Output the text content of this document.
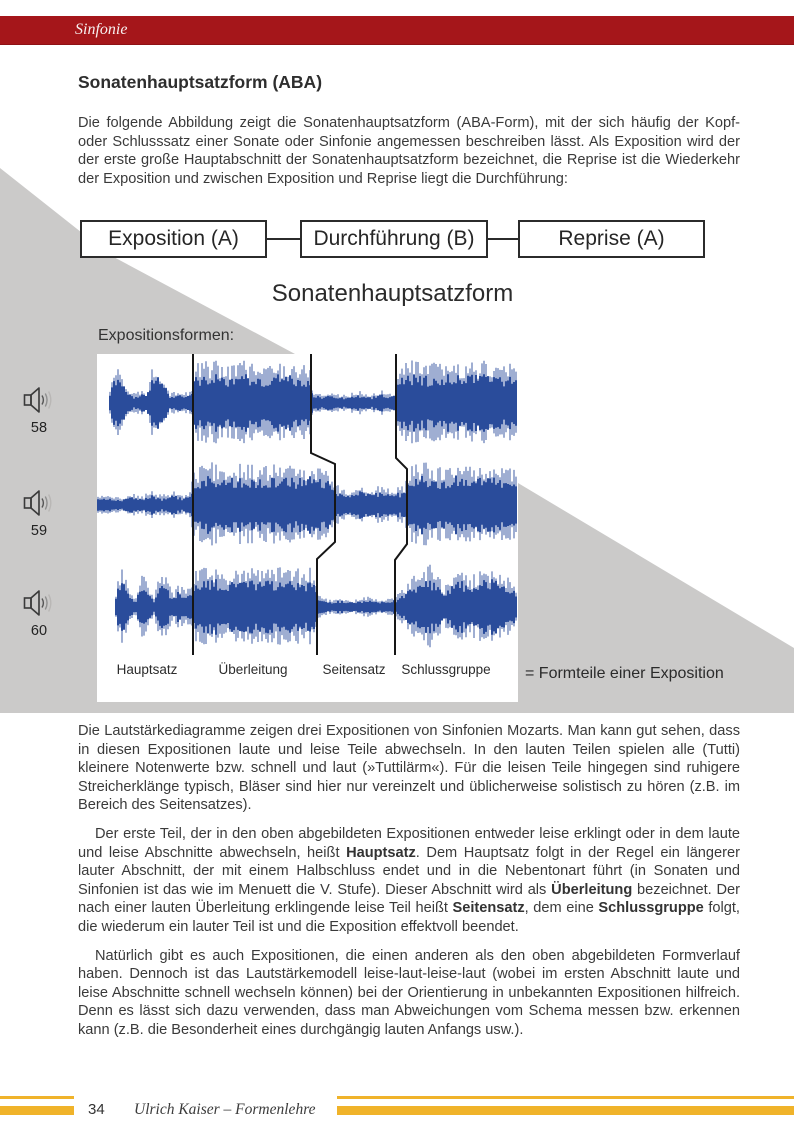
Sinfonie
Sonatenhauptsatzform (ABA)

Die folgende Abbildung zeigt die Sonatenhauptsatzform (ABA-Form), mit der sich häufig der Kopf- oder Schlusssatz einer Sonate oder Sinfonie angemessen beschreiben lässt. Als Exposition wird der der erste große Hauptabschnitt der Sonatenhauptsatzform bezeichnet, die Reprise ist die Wiederkehr der Exposition und zwischen Exposition und Reprise liegt die Durchführung:

Exposition (A)	Durchführung (B)	Reprise (A)
Sonatenhauptsatzform
Expositionsformen:
Hauptsatz	Überleitung	Seitensatz Schlussgruppe
58
59
60
= Formteile einer Exposition

Die Lautstärkediagramme zeigen drei Expositionen von Sinfonien Mozarts. Man kann gut sehen, dass in diesen Expositionen laute und leise Teile abwechseln. In den lauten Teilen spielen alle (Tutti) kleinere Notenwerte bzw. schnell und laut (»Tuttilärm«). Für die leisen Teile hingegen sind ruhigere Streicherklänge typisch, Bläser sind hier nur vereinzelt und üblicherweise solistisch zu hören (z.B. im Bereich des Seitensatzes).

Der erste Teil, der in den oben abgebildeten Expositionen entweder leise erklingt oder in dem laute und leise Abschnitte abwechseln, heißt Hauptsatz. Dem Hauptsatz folgt in der Regel ein längerer lauter Abschnitt, der mit einem Halbschluss endet und in die Nebentonart führt (in Sonaten und Sinfonien ist das wie im Menuett die V. Stufe). Dieser Abschnitt wird als Überleitung bezeichnet. Der nach einer lauten Überleitung erklingende leise Teil heißt Seitensatz, dem eine Schlussgruppe folgt, die wiederum ein lauter Teil ist und die Exposition effektvoll beendet.

Natürlich gibt es auch Expositionen, die einen anderen als den oben abgebildeten Formverlauf haben. Dennoch ist das Lautstärkemodell leise-laut-leise-laut (wobei im ersten Abschnitt laute und leise Abschnitte schnell wechseln können) bei der Orientierung in unbekannten Expositionen hilfreich. Denn es lässt sich dazu verwenden, dass man Abweichungen vom Schema messen bzw. erkennen kann (z.B. die Besonderheit eines durchgängig lauten Anfangs usw.).

34 Ulrich Kaiser – Formenlehre
